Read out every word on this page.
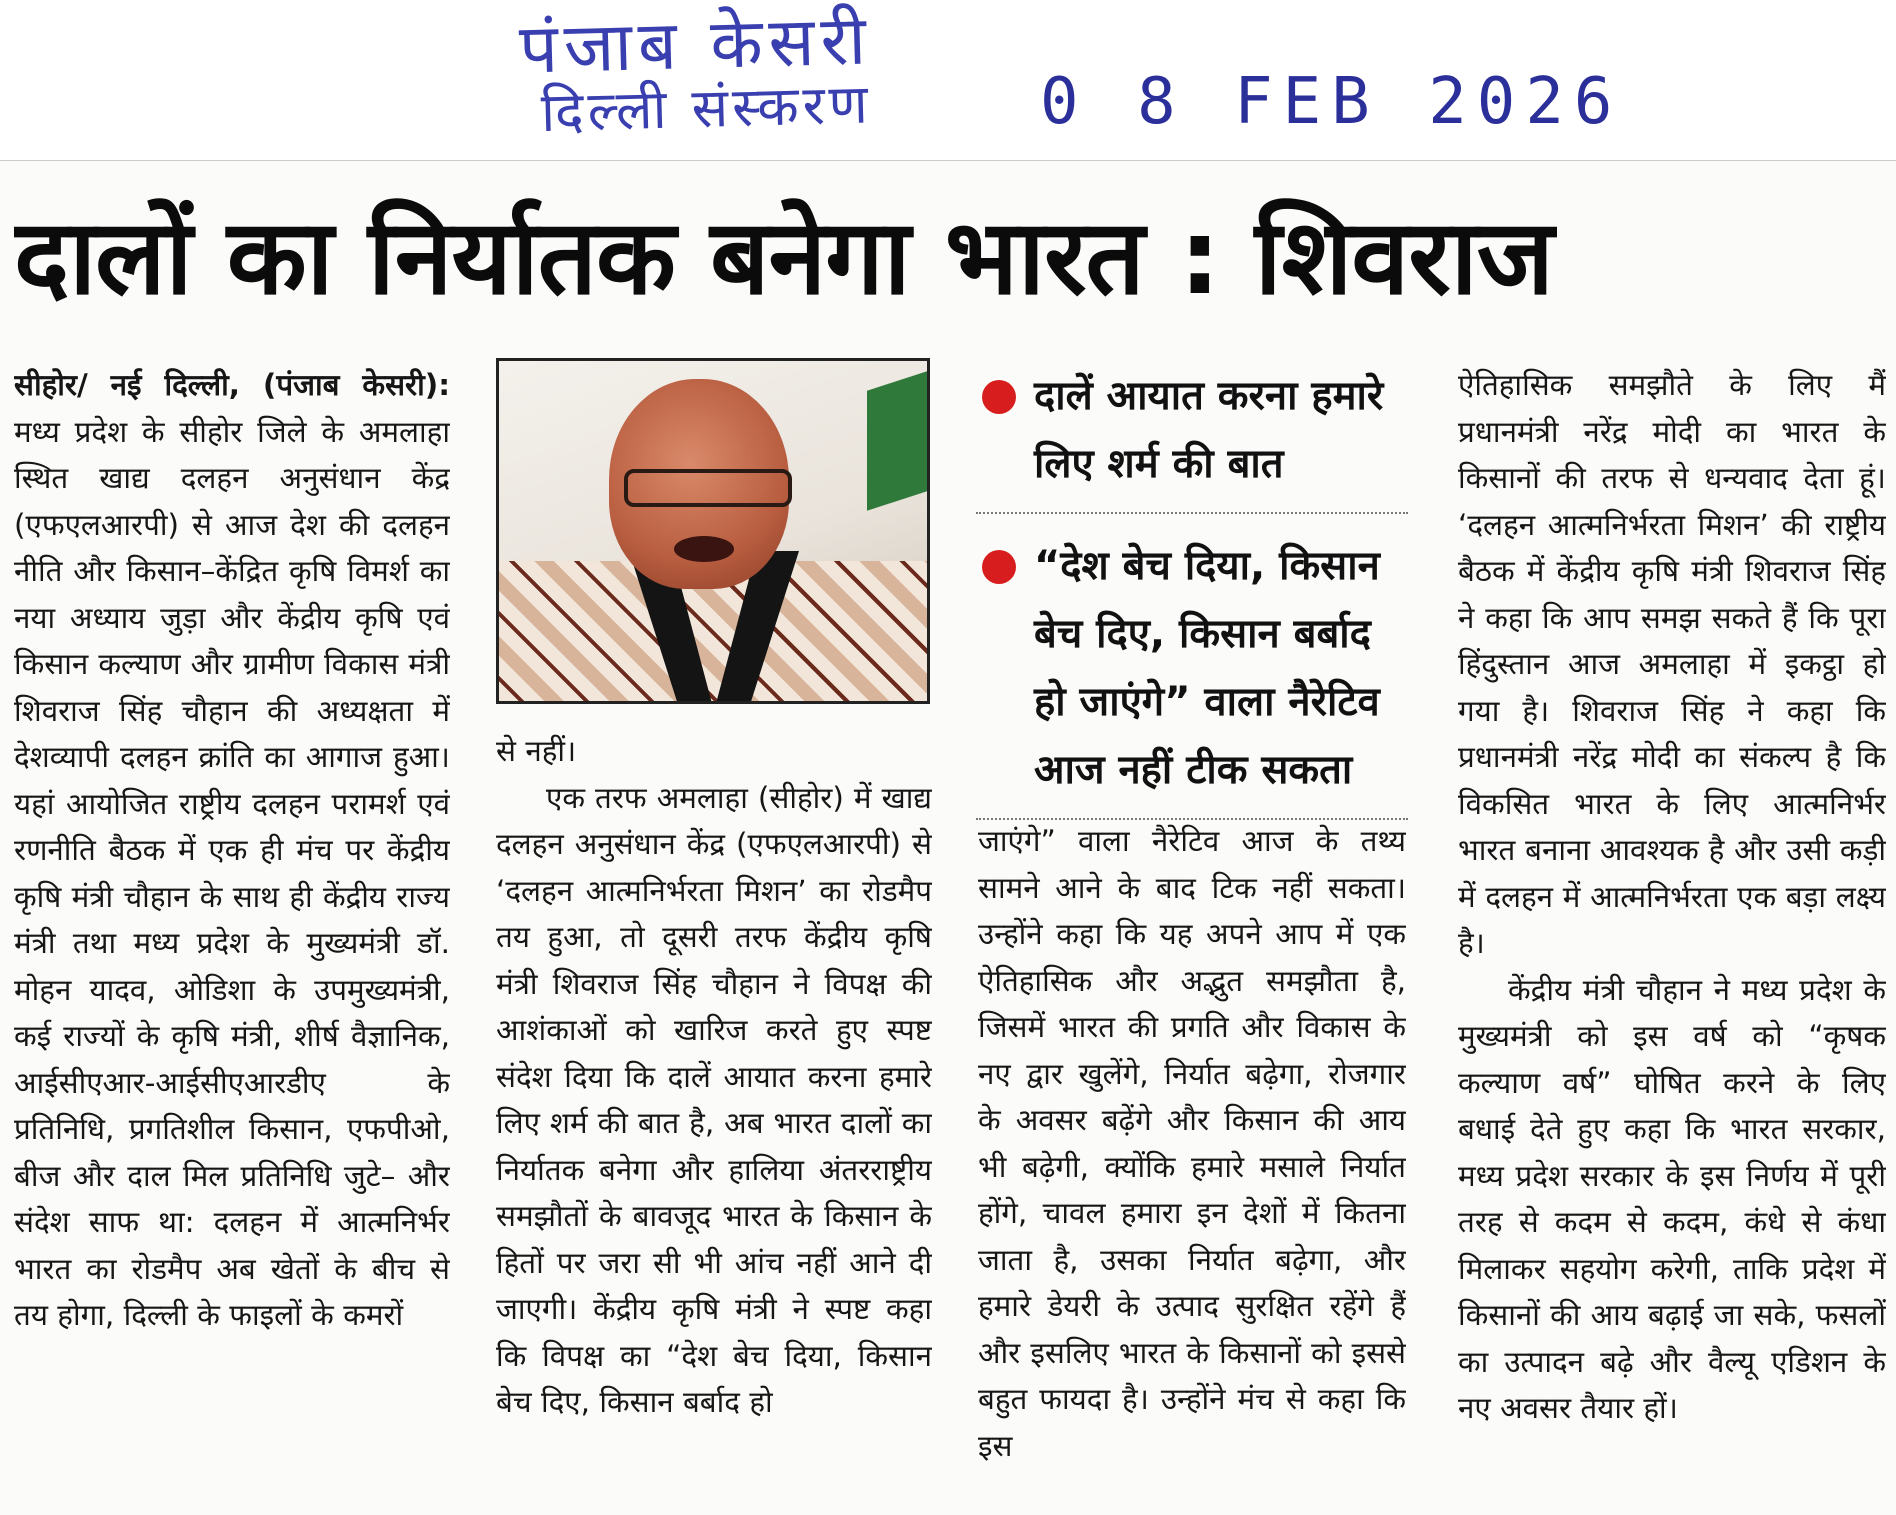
पंजाब केसरी
दिल्ली संस्करण	0 8 FEB 2026
दालों का निर्यातक बनेगा भारत : शिवराज

सीहोर/ नई दिल्ली, (पंजाब केसरी): मध्य प्रदेश के सीहोर जिले के अमलाहा स्थित खाद्य दलहन अनुसंधान केंद्र (एफएलआरपी) से आज देश की दलहन नीति और किसान–केंद्रित कृषि विमर्श का नया अध्याय जुड़ा और केंद्रीय कृषि एवं किसान कल्याण और ग्रामीण विकास मंत्री शिवराज सिंह चौहान की अध्यक्षता में देशव्यापी दलहन क्रांति का आगाज हुआ। यहां आयोजित राष्ट्रीय दलहन परामर्श एवं रणनीति बैठक में एक ही मंच पर केंद्रीय कृषि मंत्री चौहान के साथ ही केंद्रीय राज्य मंत्री तथा मध्य प्रदेश के मुख्यमंत्री डॉ. मोहन यादव, ओडिशा के उपमुख्यमंत्री, कई राज्यों के कृषि मंत्री, शीर्ष वैज्ञानिक, आईसीएआर-आईसीएआरडीए के प्रतिनिधि, प्रगतिशील किसान, एफपीओ, बीज और दाल मिल प्रतिनिधि जुटे– और संदेश साफ था: दलहन में आत्मनिर्भर भारत का रोडमैप अब खेतों के बीच से तय होगा, दिल्ली के फाइलों के कमरों

से नहीं।

एक तरफ अमलाहा (सीहोर) में खाद्य दलहन अनुसंधान केंद्र (एफएलआरपी) से ‘दलहन आत्मनिर्भरता मिशन’ का रोडमैप तय हुआ, तो दूसरी तरफ केंद्रीय कृषि मंत्री शिवराज सिंह चौहान ने विपक्ष की आशंकाओं को खारिज करते हुए स्पष्ट संदेश दिया कि दालें आयात करना हमारे लिए शर्म की बात है, अब भारत दालों का निर्यातक बनेगा और हालिया अंतरराष्ट्रीय समझौतों के बावजूद भारत के किसान के हितों पर जरा सी भी आंच नहीं आने दी जाएगी। केंद्रीय कृषि मंत्री ने स्पष्ट कहा कि विपक्ष का “देश बेच दिया, किसान बेच दिए, किसान बर्बाद हो

दालें आयात करना हमारे लिए शर्म की बात
“देश बेच दिया, किसान बेच दिए, किसान बर्बाद हो जाएंगे” वाला नैरेटिव आज नहीं टीक सकता

जाएंगे” वाला नैरेटिव आज के तथ्य सामने आने के बाद टिक नहीं सकता। उन्होंने कहा कि यह अपने आप में एक ऐतिहासिक और अद्भुत समझौता है, जिसमें भारत की प्रगति और विकास के नए द्वार खुलेंगे, निर्यात बढ़ेगा, रोजगार के अवसर बढ़ेंगे और किसान की आय भी बढ़ेगी, क्योंकि हमारे मसाले निर्यात होंगे, चावल हमारा इन देशों में कितना जाता है, उसका निर्यात बढ़ेगा, और हमारे डेयरी के उत्पाद सुरक्षित रहेंगे हैं और इसलिए भारत के किसानों को इससे बहुत फायदा है। उन्होंने मंच से कहा कि इस

ऐतिहासिक समझौते के लिए मैं प्रधानमंत्री नरेंद्र मोदी का भारत के किसानों की तरफ से धन्यवाद देता हूं। ‘दलहन आत्मनिर्भरता मिशन’ की राष्ट्रीय बैठक में केंद्रीय कृषि मंत्री शिवराज सिंह ने कहा कि आप समझ सकते हैं कि पूरा हिंदुस्तान आज अमलाहा में इकट्ठा हो गया है। शिवराज सिंह ने कहा कि प्रधानमंत्री नरेंद्र मोदी का संकल्प है कि विकसित भारत के लिए आत्मनिर्भर भारत बनाना आवश्यक है और उसी कड़ी में दलहन में आत्मनिर्भरता एक बड़ा लक्ष्य है।

केंद्रीय मंत्री चौहान ने मध्य प्रदेश के मुख्यमंत्री को इस वर्ष को “कृषक कल्याण वर्ष” घोषित करने के लिए बधाई देते हुए कहा कि भारत सरकार, मध्य प्रदेश सरकार के इस निर्णय में पूरी तरह से कदम से कदम, कंधे से कंधा मिलाकर सहयोग करेगी, ताकि प्रदेश में किसानों की आय बढ़ाई जा सके, फसलों का उत्पादन बढ़े और वैल्यू एडिशन के नए अवसर तैयार हों।
